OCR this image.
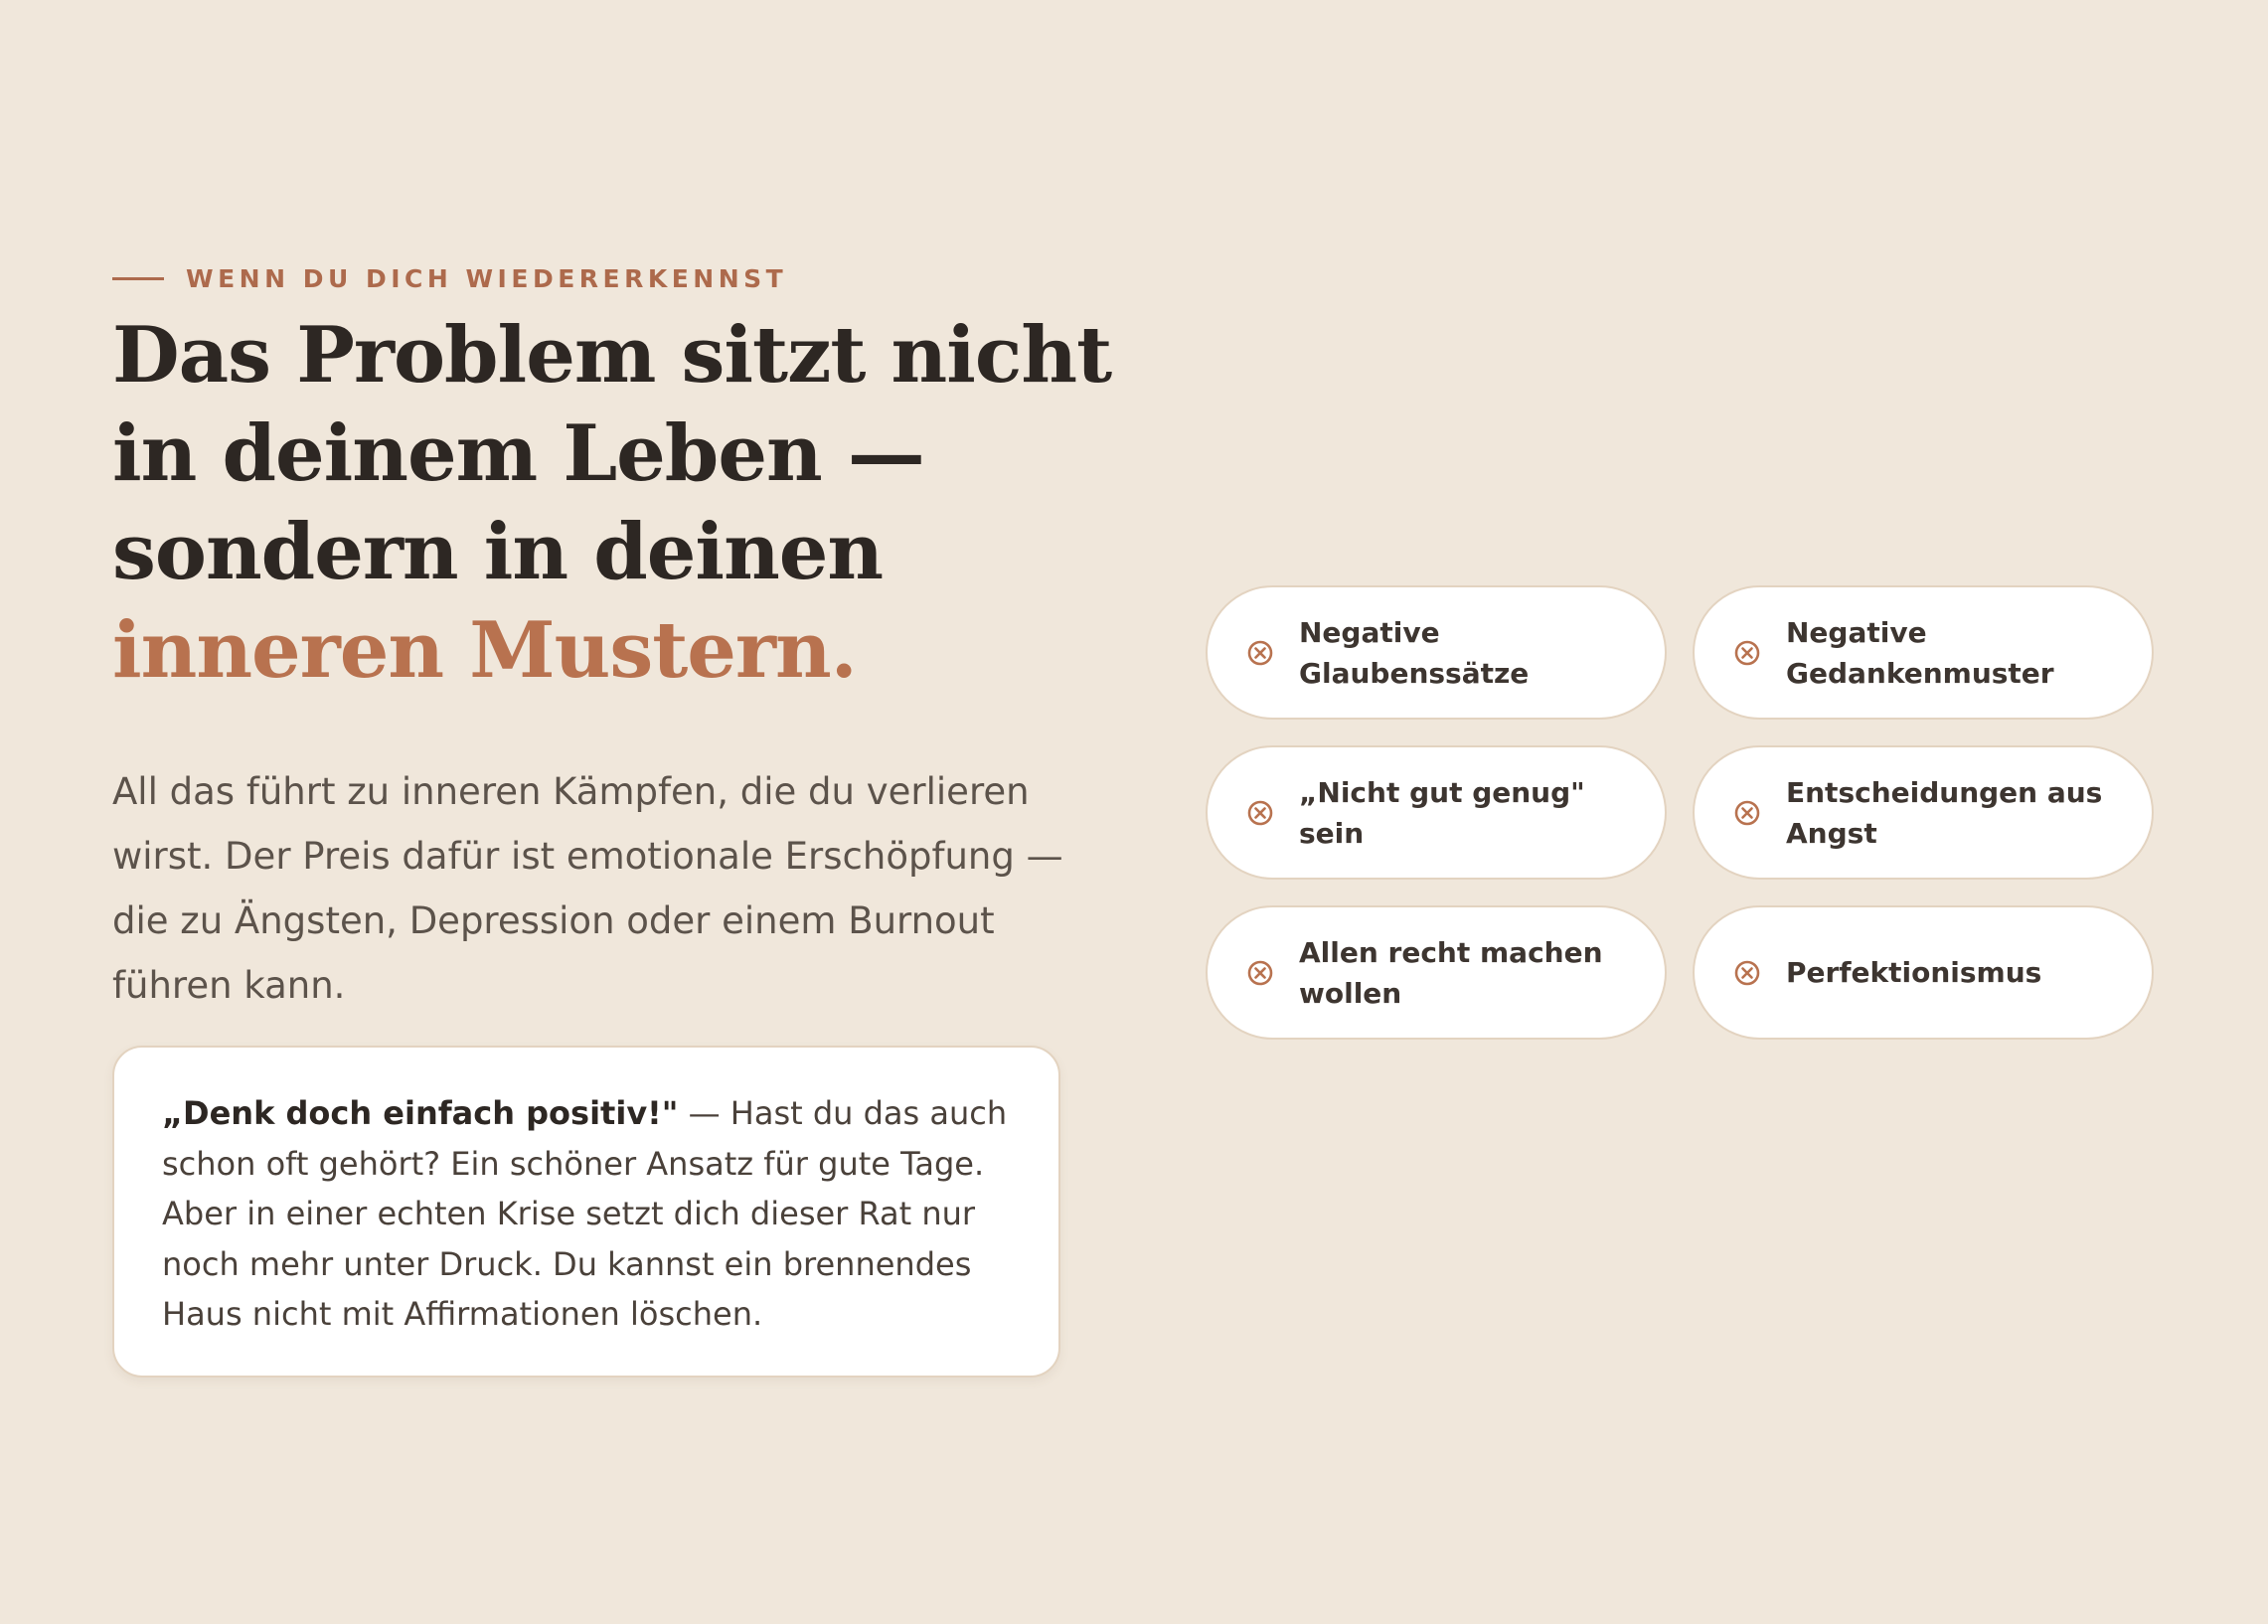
WENN DU DICH WIEDERERKENNST
Das Problem sitzt nicht
in deinem Leben —
sondern in deinen
inneren Mustern.

All das führt zu inneren Kämpfen, die du verlieren wirst. Der Preis dafür ist emotionale Erschöpfung — die zu Ängsten, Depression oder einem Burnout führen kann.

„Denk doch einfach positiv!" — Hast du das auch schon oft gehört? Ein schöner Ansatz für gute Tage. Aber in einer echten Krise setzt dich dieser Rat nur noch mehr unter Druck. Du kannst ein brennendes Haus nicht mit Affirmationen löschen.

Negative Glaubenssätze
Negative Gedankenmuster
„Nicht gut genug" sein
Entscheidungen aus Angst
Allen recht machen wollen
Perfektionismus
